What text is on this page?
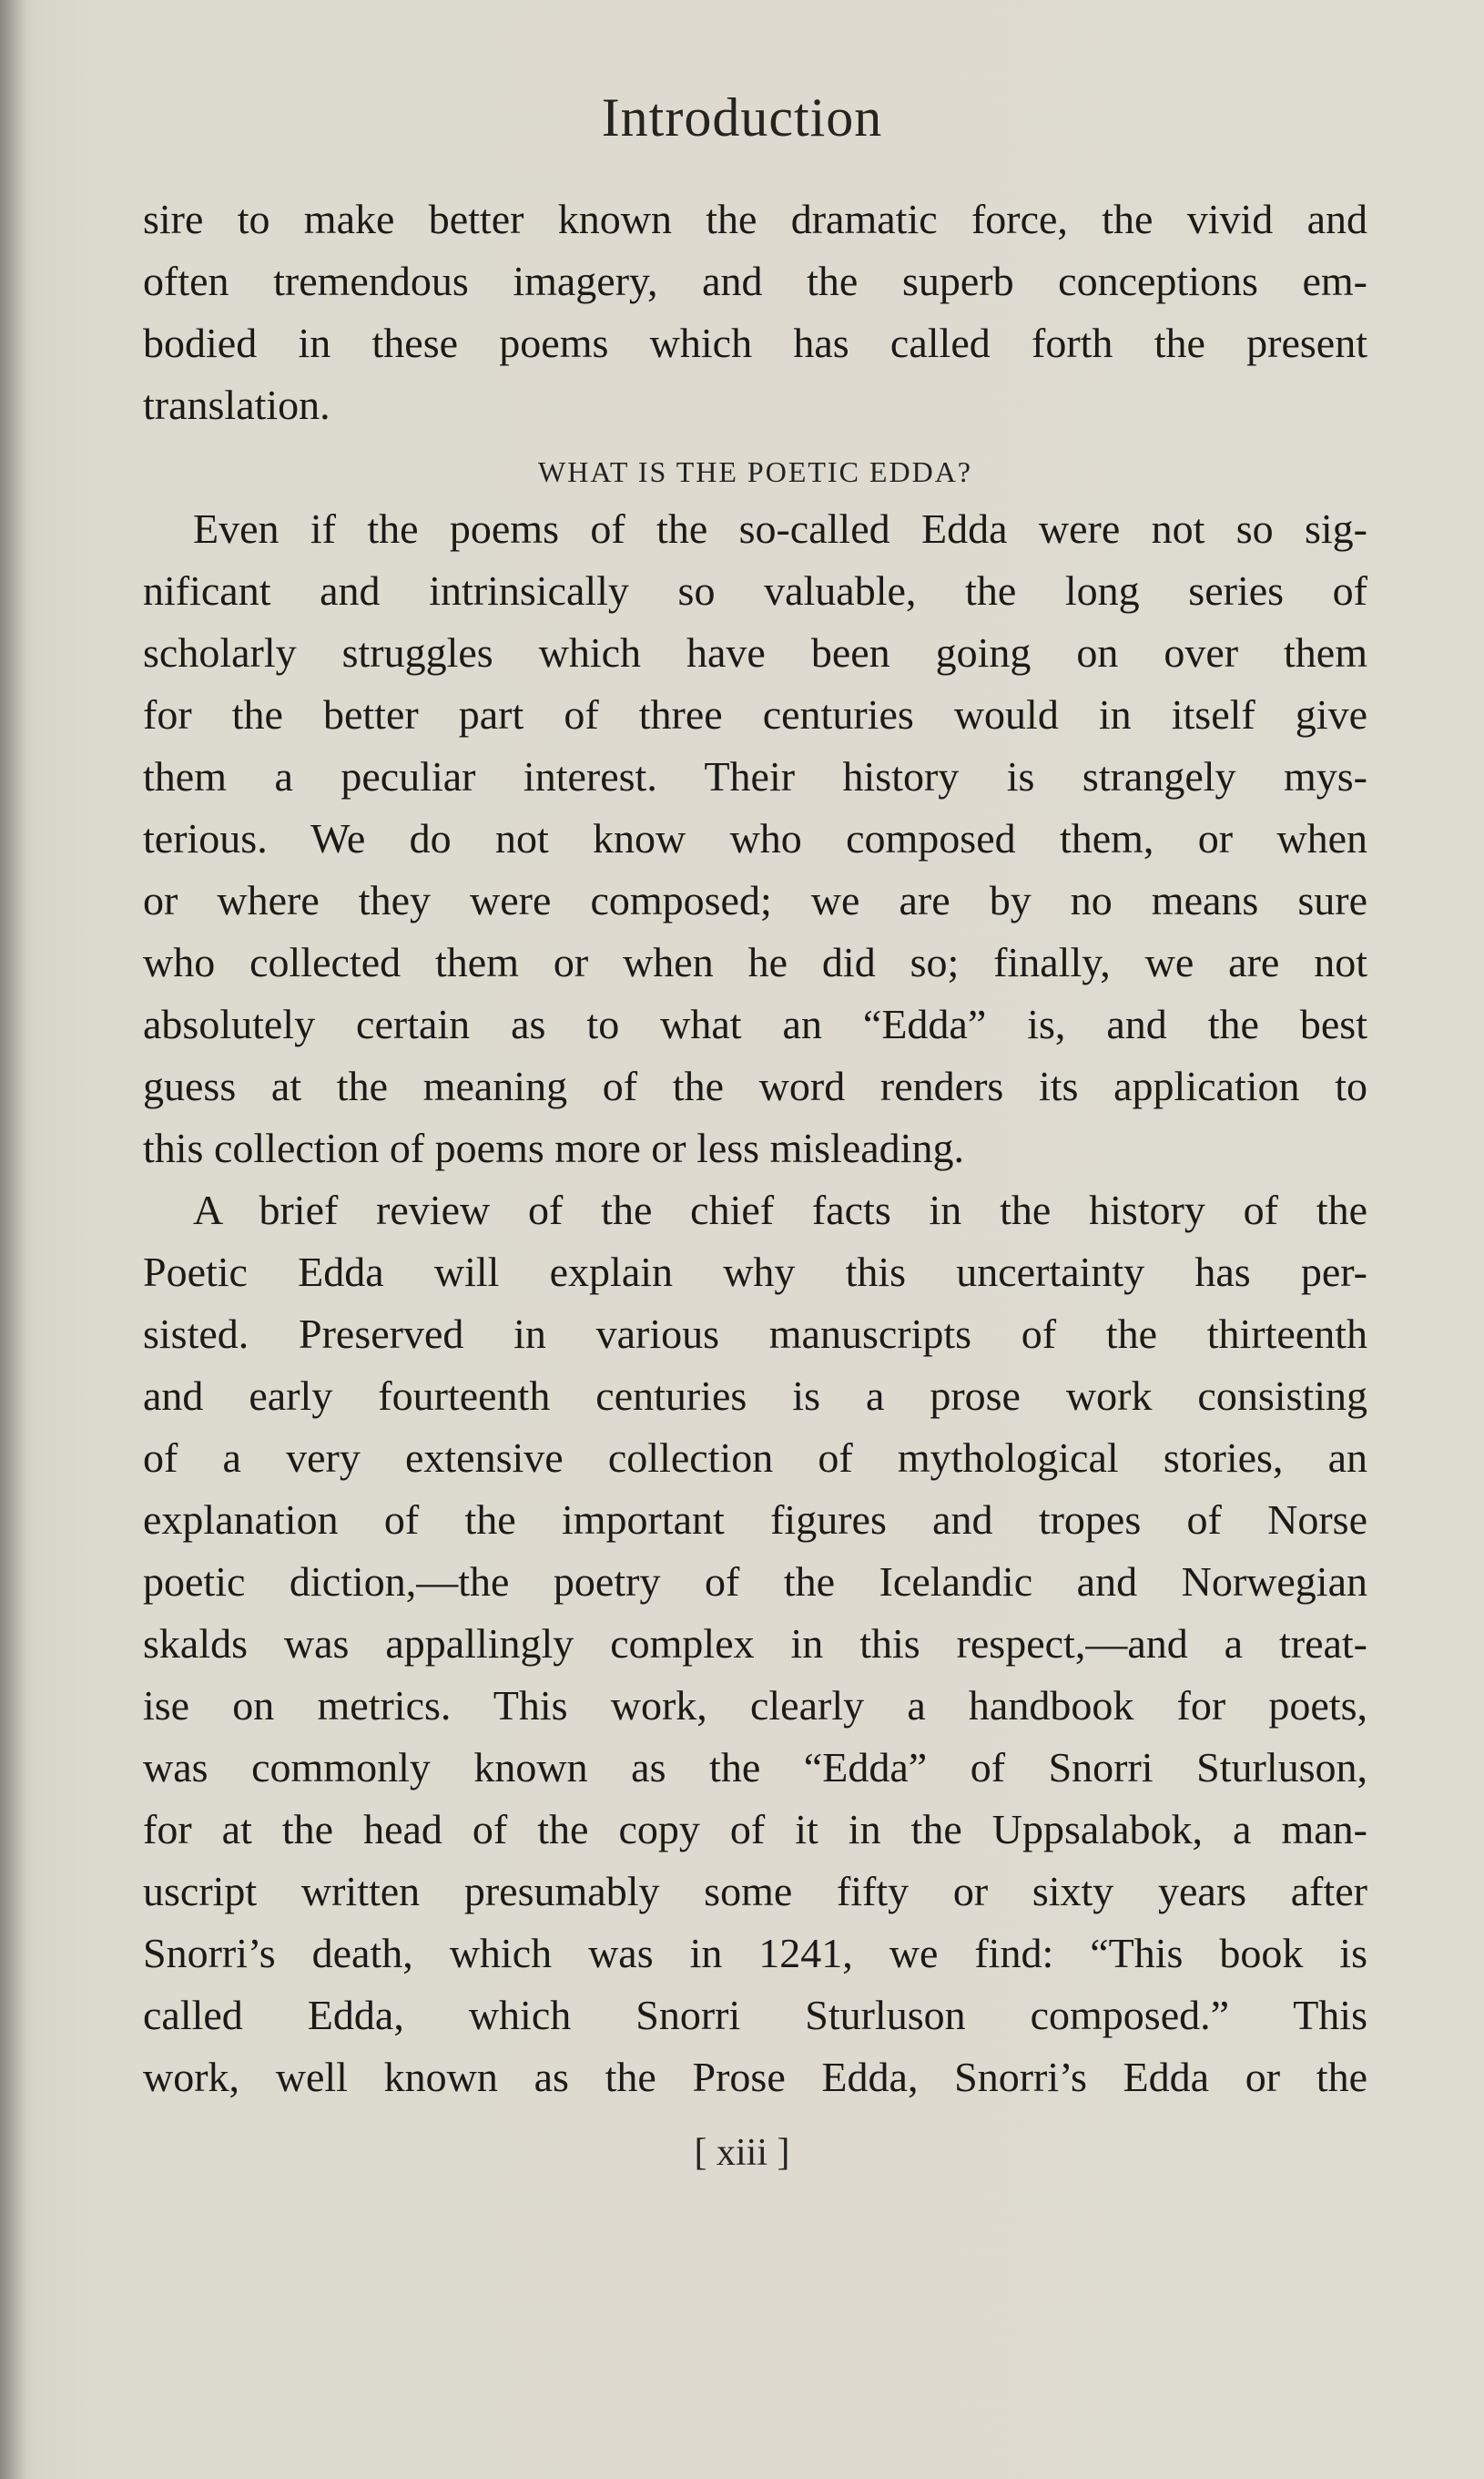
Introduction
sire to make better known the dramatic force, the vivid and
often tremendous imagery, and the superb conceptions em-
bodied in these poems which has called forth the present
translation.
WHAT IS THE POETIC EDDA?
Even if the poems of the so-called Edda were not so sig-
nificant and intrinsically so valuable, the long series of
scholarly struggles which have been going on over them
for the better part of three centuries would in itself give
them a peculiar interest. Their history is strangely mys-
terious. We do not know who composed them, or when
or where they were composed; we are by no means sure
who collected them or when he did so; finally, we are not
absolutely certain as to what an “Edda” is, and the best
guess at the meaning of the word renders its application to
this collection of poems more or less misleading.
A brief review of the chief facts in the history of the
Poetic Edda will explain why this uncertainty has per-
sisted. Preserved in various manuscripts of the thirteenth
and early fourteenth centuries is a prose work consisting
of a very extensive collection of mythological stories, an
explanation of the important figures and tropes of Norse
poetic diction,—the poetry of the Icelandic and Norwegian
skalds was appallingly complex in this respect,—and a treat-
ise on metrics. This work, clearly a handbook for poets,
was commonly known as the “Edda” of Snorri Sturluson,
for at the head of the copy of it in the Uppsalabok, a man-
uscript written presumably some fifty or sixty years after
Snorri’s death, which was in 1241, we find: “This book is
called Edda, which Snorri Sturluson composed.” This
work, well known as the Prose Edda, Snorri’s Edda or the
[ xiii ]
